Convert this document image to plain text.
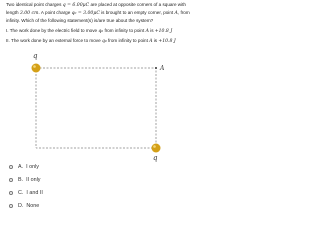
Two identical point charges q = 6.00μC are placed at opposite corners of a square with length 3.00 cm. A point charge q₀ = 3.00μC is brought to an empty corner, point A, from infinity. Which of the following statement(s) is/are true about the system?

I. The work done by the electric field to move q₀ from infinity to point A is +10.8 J

II. The work done by an external force to move q₀ from infinity to point A is +10.8 J

q
A
q
A. I only
B. II only
C. I and II
D. None
